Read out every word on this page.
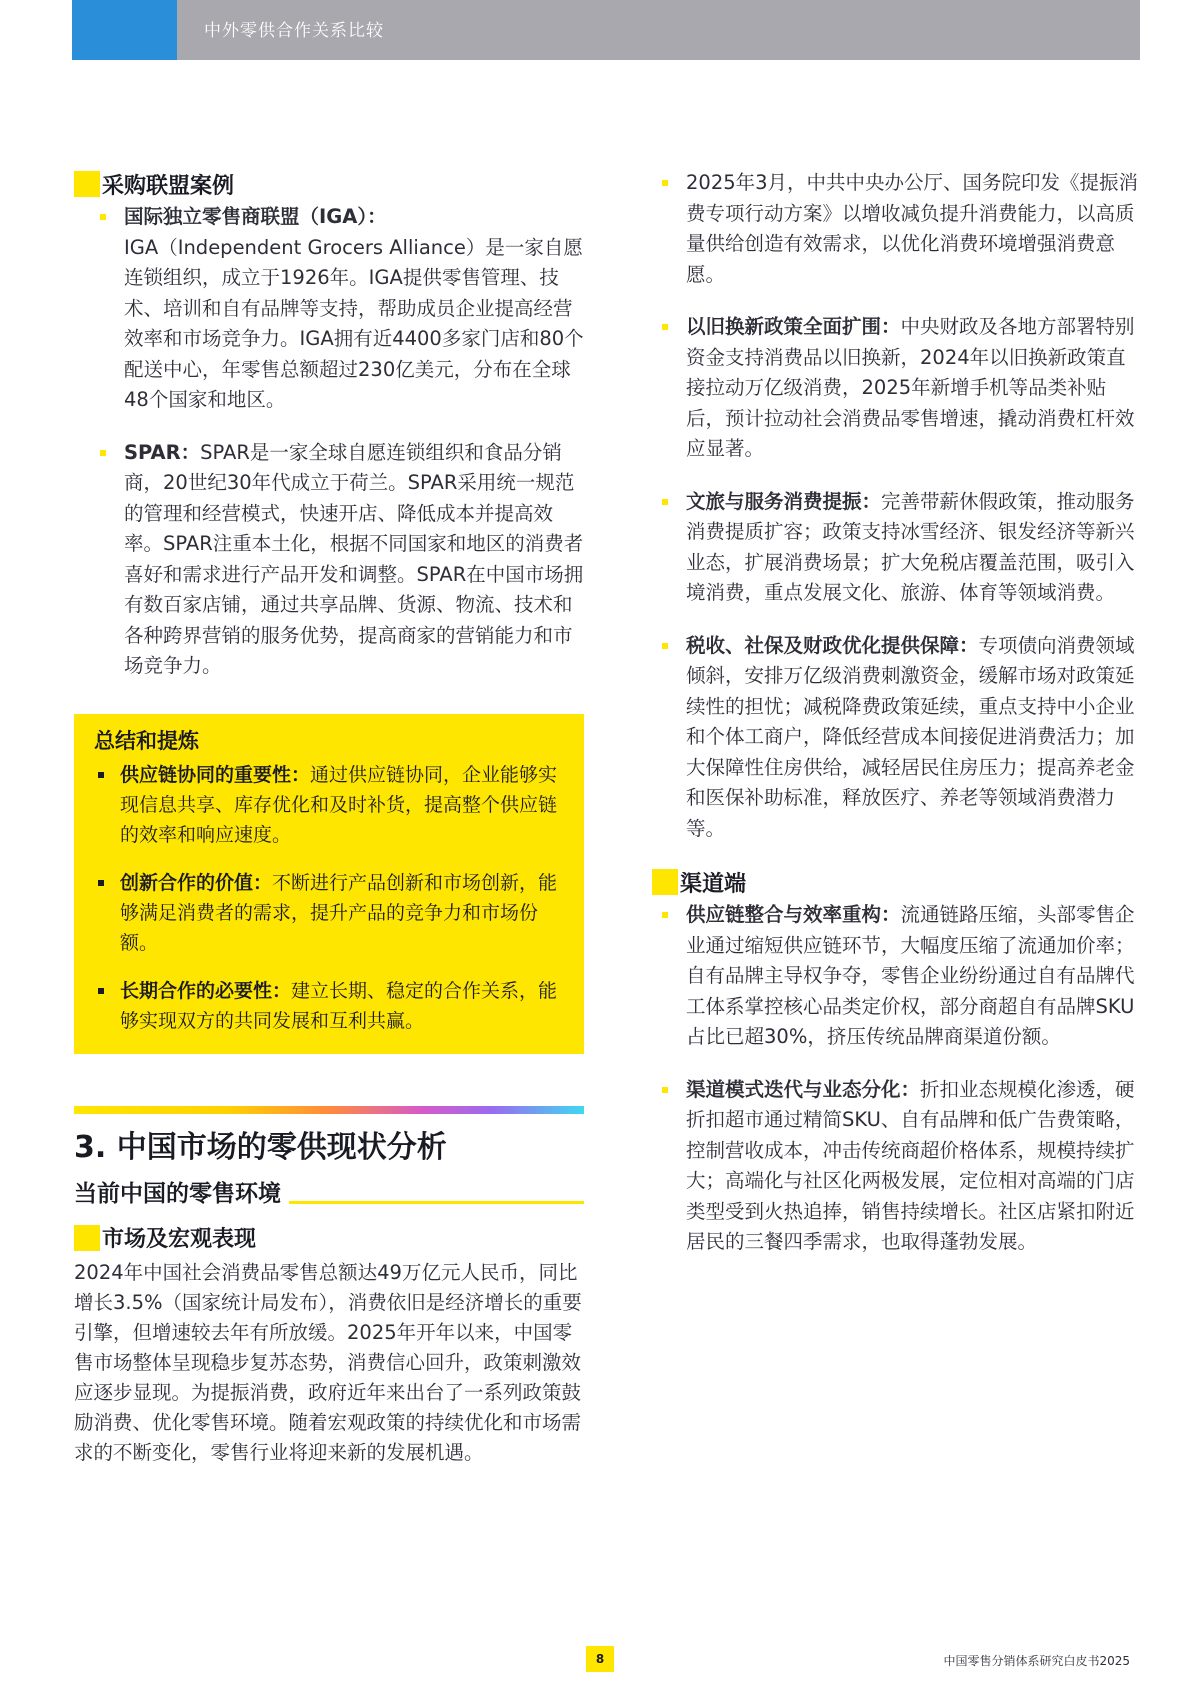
中外零供合作关系比较
采购联盟案例
国际独立零售商联盟（IGA）：
IGA（Independent Grocers Alliance）是一家自愿连锁组织，成立于1926年。IGA提供零售管理、技术、培训和自有品牌等支持，帮助成员企业提高经营效率和市场竞争力。IGA拥有近4400多家门店和80个配送中心，年零售总额超过230亿美元，分布在全球48个国家和地区。
SPAR：SPAR是一家全球自愿连锁组织和食品分销商，20世纪30年代成立于荷兰。SPAR采用统一规范的管理和经营模式，快速开店、降低成本并提高效率。SPAR注重本土化，根据不同国家和地区的消费者喜好和需求进行产品开发和调整。SPAR在中国市场拥有数百家店铺，通过共享品牌、货源、物流、技术和各种跨界营销的服务优势，提高商家的营销能力和市场竞争力。
总结和提炼
供应链协同的重要性：通过供应链协同，企业能够实现信息共享、库存优化和及时补货，提高整个供应链的效率和响应速度。
创新合作的价值：不断进行产品创新和市场创新，能够满足消费者的需求，提升产品的竞争力和市场份额。
长期合作的必要性：建立长期、稳定的合作关系，能够实现双方的共同发展和互利共赢。
3. 中国市场的零供现状分析
当前中国的零售环境
市场及宏观表现
2024年中国社会消费品零售总额达49万亿元人民币，同比增长3.5%（国家统计局发布），消费依旧是经济增长的重要引擎，但增速较去年有所放缓。2025年开年以来，中国零售市场整体呈现稳步复苏态势，消费信心回升，政策刺激效应逐步显现。为提振消费，政府近年来出台了一系列政策鼓励消费、优化零售环境。随着宏观政策的持续优化和市场需求的不断变化，零售行业将迎来新的发展机遇。
2025年3月，中共中央办公厅、国务院印发《提振消费专项行动方案》以增收减负提升消费能力，以高质量供给创造有效需求，以优化消费环境增强消费意愿。
以旧换新政策全面扩围：中央财政及各地方部署特别资金支持消费品以旧换新，2024年以旧换新政策直接拉动万亿级消费，2025年新增手机等品类补贴后，预计拉动社会消费品零售增速，撬动消费杠杆效应显著。
文旅与服务消费提振：完善带薪休假政策，推动服务消费提质扩容；政策支持冰雪经济、银发经济等新兴业态，扩展消费场景；扩大免税店覆盖范围，吸引入境消费，重点发展文化、旅游、体育等领域消费。
税收、社保及财政优化提供保障：专项债向消费领域倾斜，安排万亿级消费刺激资金，缓解市场对政策延续性的担忧；减税降费政策延续，重点支持中小企业和个体工商户，降低经营成本间接促进消费活力；加大保障性住房供给，减轻居民住房压力；提高养老金和医保补助标准，释放医疗、养老等领域消费潜力等。
渠道端
供应链整合与效率重构：流通链路压缩，头部零售企业通过缩短供应链环节，大幅度压缩了流通加价率；自有品牌主导权争夺，零售企业纷纷通过自有品牌代工体系掌控核心品类定价权，部分商超自有品牌SKU占比已超30%，挤压传统品牌商渠道份额。
渠道模式迭代与业态分化：折扣业态规模化渗透，硬折扣超市通过精简SKU、自有品牌和低广告费策略，控制营收成本，冲击传统商超价格体系，规模持续扩大；高端化与社区化两极发展，定位相对高端的门店类型受到火热追捧，销售持续增长。社区店紧扣附近居民的三餐四季需求，也取得蓬勃发展。
8	中国零售分销体系研究白皮书2025
